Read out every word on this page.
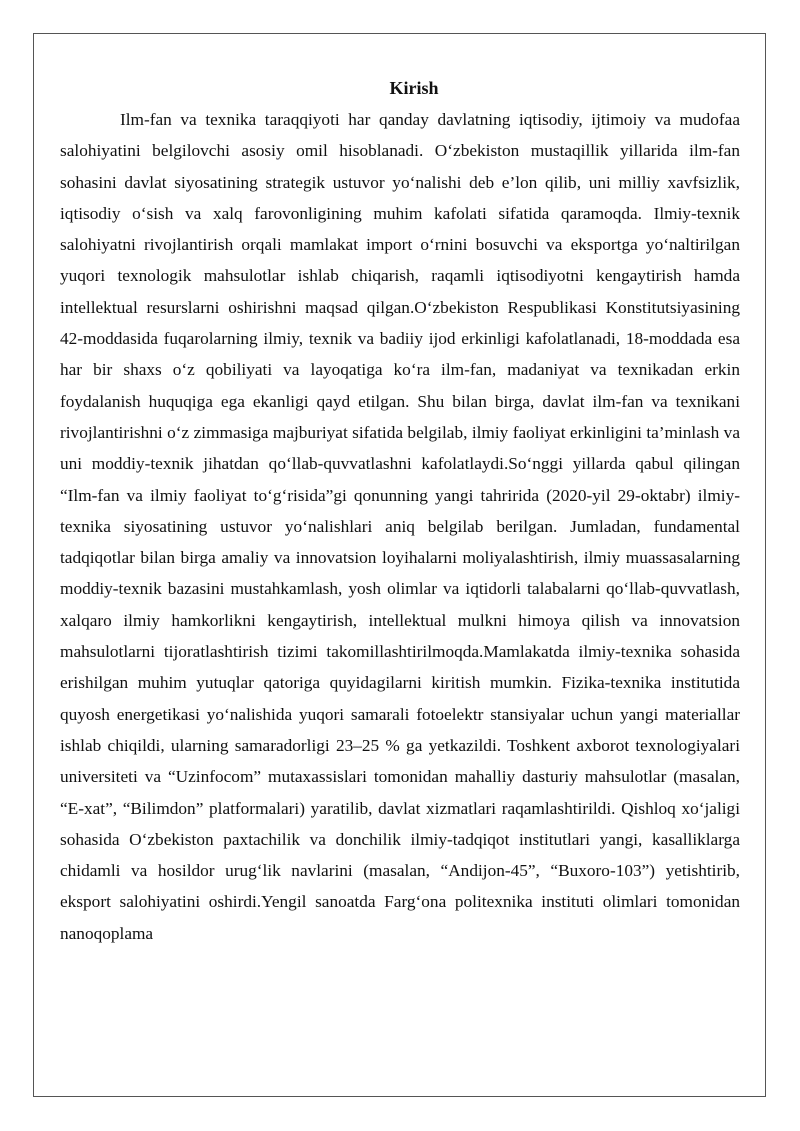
Kirish

Ilm-fan va texnika taraqqiyoti har qanday davlatning iqtisodiy, ijtimoiy va mudofaa salohiyatini belgilovchi asosiy omil hisoblanadi. O‘zbekiston mustaqillik yillarida ilm-fan sohasini davlat siyosatining strategik ustuvor yo‘nalishi deb e’lon qilib, uni milliy xavfsizlik, iqtisodiy o‘sish va xalq farovonligining muhim kafolati sifatida qaramoqda. Ilmiy-texnik salohiyatni rivojlantirish orqali mamlakat import o‘rnini bosuvchi va eksportga yo‘naltirilgan yuqori texnologik mahsulotlar ishlab chiqarish, raqamli iqtisodiyotni kengaytirish hamda intellektual resurslarni oshirishni maqsad qilgan.O‘zbekiston Respublikasi Konstitutsiyasining 42-moddasida fuqarolarning ilmiy, texnik va badiiy ijod erkinligi kafolatlanadi, 18-moddada esa har bir shaxs o‘z qobiliyati va layoqatiga ko‘ra ilm-fan, madaniyat va texnikadan erkin foydalanish huquqiga ega ekanligi qayd etilgan. Shu bilan birga, davlat ilm-fan va texnikani rivojlantirishni o‘z zimmasiga majburiyat sifatida belgilab, ilmiy faoliyat erkinligini ta’minlash va uni moddiy-texnik jihatdan qo‘llab-quvvatlashni kafolatlaydi.So‘nggi yillarda qabul qilingan “Ilm-fan va ilmiy faoliyat to‘g‘risida”gi qonunning yangi tahririda (2020-yil 29-oktabr) ilmiy-texnika siyosatining ustuvor yo‘nalishlari aniq belgilab berilgan. Jumladan, fundamental tadqiqotlar bilan birga amaliy va innovatsion loyihalarni moliyalashtirish, ilmiy muassasalarning moddiy-texnik bazasini mustahkamlash, yosh olimlar va iqtidorli talabalarni qo‘llab-quvvatlash, xalqaro ilmiy hamkorlikni kengaytirish, intellektual mulkni himoya qilish va innovatsion mahsulotlarni tijoratlashtirish tizimi takomillashtirilmoqda.Mamlakatda ilmiy-texnika sohasida erishilgan muhim yutuqlar qatoriga quyidagilarni kiritish mumkin. Fizika-texnika institutida quyosh energetikasi yo‘nalishida yuqori samarali fotoelektr stansiyalar uchun yangi materiallar ishlab chiqildi, ularning samaradorligi 23–25 % ga yetkazildi. Toshkent axborot texnologiyalari universiteti va “Uzinfocom” mutaxassislari tomonidan mahalliy dasturiy mahsulotlar (masalan, “E-xat”, “Bilimdon” platformalari) yaratilib, davlat xizmatlari raqamlashtirildi. Qishloq xo‘jaligi sohasida O‘zbekiston paxtachilik va donchilik ilmiy-tadqiqot institutlari yangi, kasalliklarga chidamli va hosildor urug‘lik navlarini (masalan, “Andijon-45”, “Buxoro-103”) yetishtirib, eksport salohiyatini oshirdi.Yengil sanoatda Farg‘ona politexnika instituti olimlari tomonidan nanoqoplama
